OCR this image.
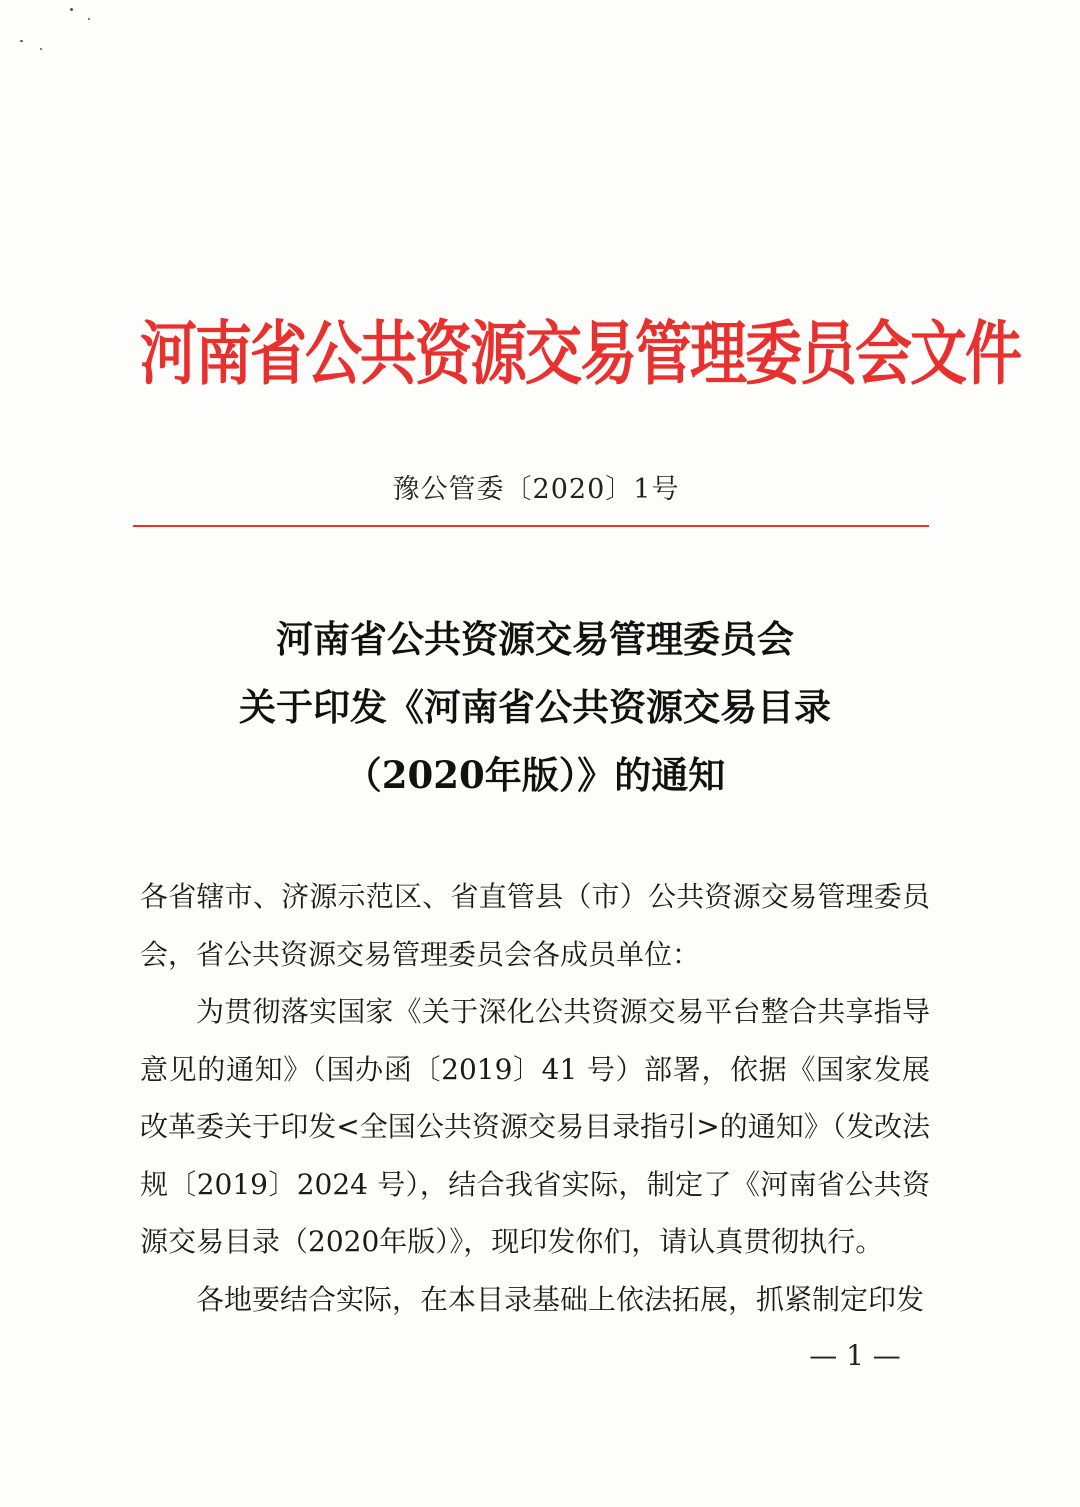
河南省公共资源交易管理委员会文件
豫公管委〔2020〕1号
河南省公共资源交易管理委员会
关于印发《河南省公共资源交易目录
（2020年版）》的通知

各省辖市、济源示范区、省直管县（市）公共资源交易管理委员会，省公共资源交易管理委员会各成员单位：

为贯彻落实国家《关于深化公共资源交易平台整合共享指导意见的通知》（国办函〔2019〕41 号）部署，依据《国家发展改革委关于印发<全国公共资源交易目录指引>的通知》（发改法规〔2019〕2024 号），结合我省实际，制定了《河南省公共资源交易目录（2020年版）》，现印发你们，请认真贯彻执行。

各地要结合实际，在本目录基础上依法拓展，抓紧制定印发

— 1 —
